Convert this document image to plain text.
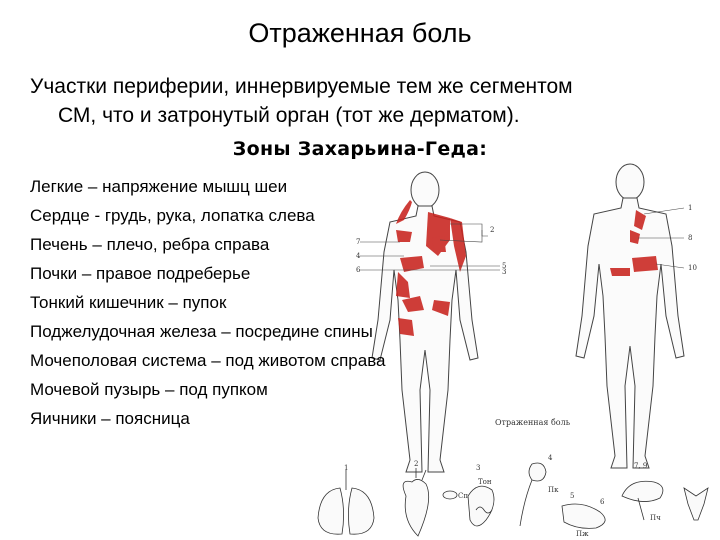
Отраженная боль
Участки периферии, иннервируемые тем же сегментом
СМ, что и затронутый орган (тот же дерматом).
Зоны Захарьина-Геда:
2
7
4
6	5
3
1
8
10
1	2
Сп
3
Тон
4
Пк
5
Пж
6
7, 9
Пч
Отраженная боль
Легкие – напряжение мышц шеи
Сердце - грудь, рука, лопатка слева
Печень – плечо, ребра справа
Почки – правое подреберье
Тонкий кишечник – пупок
Поджелудочная железа – посредине спины
Мочеполовая система – под животом справа
Мочевой пузырь – под пупком
Яичники – поясница
